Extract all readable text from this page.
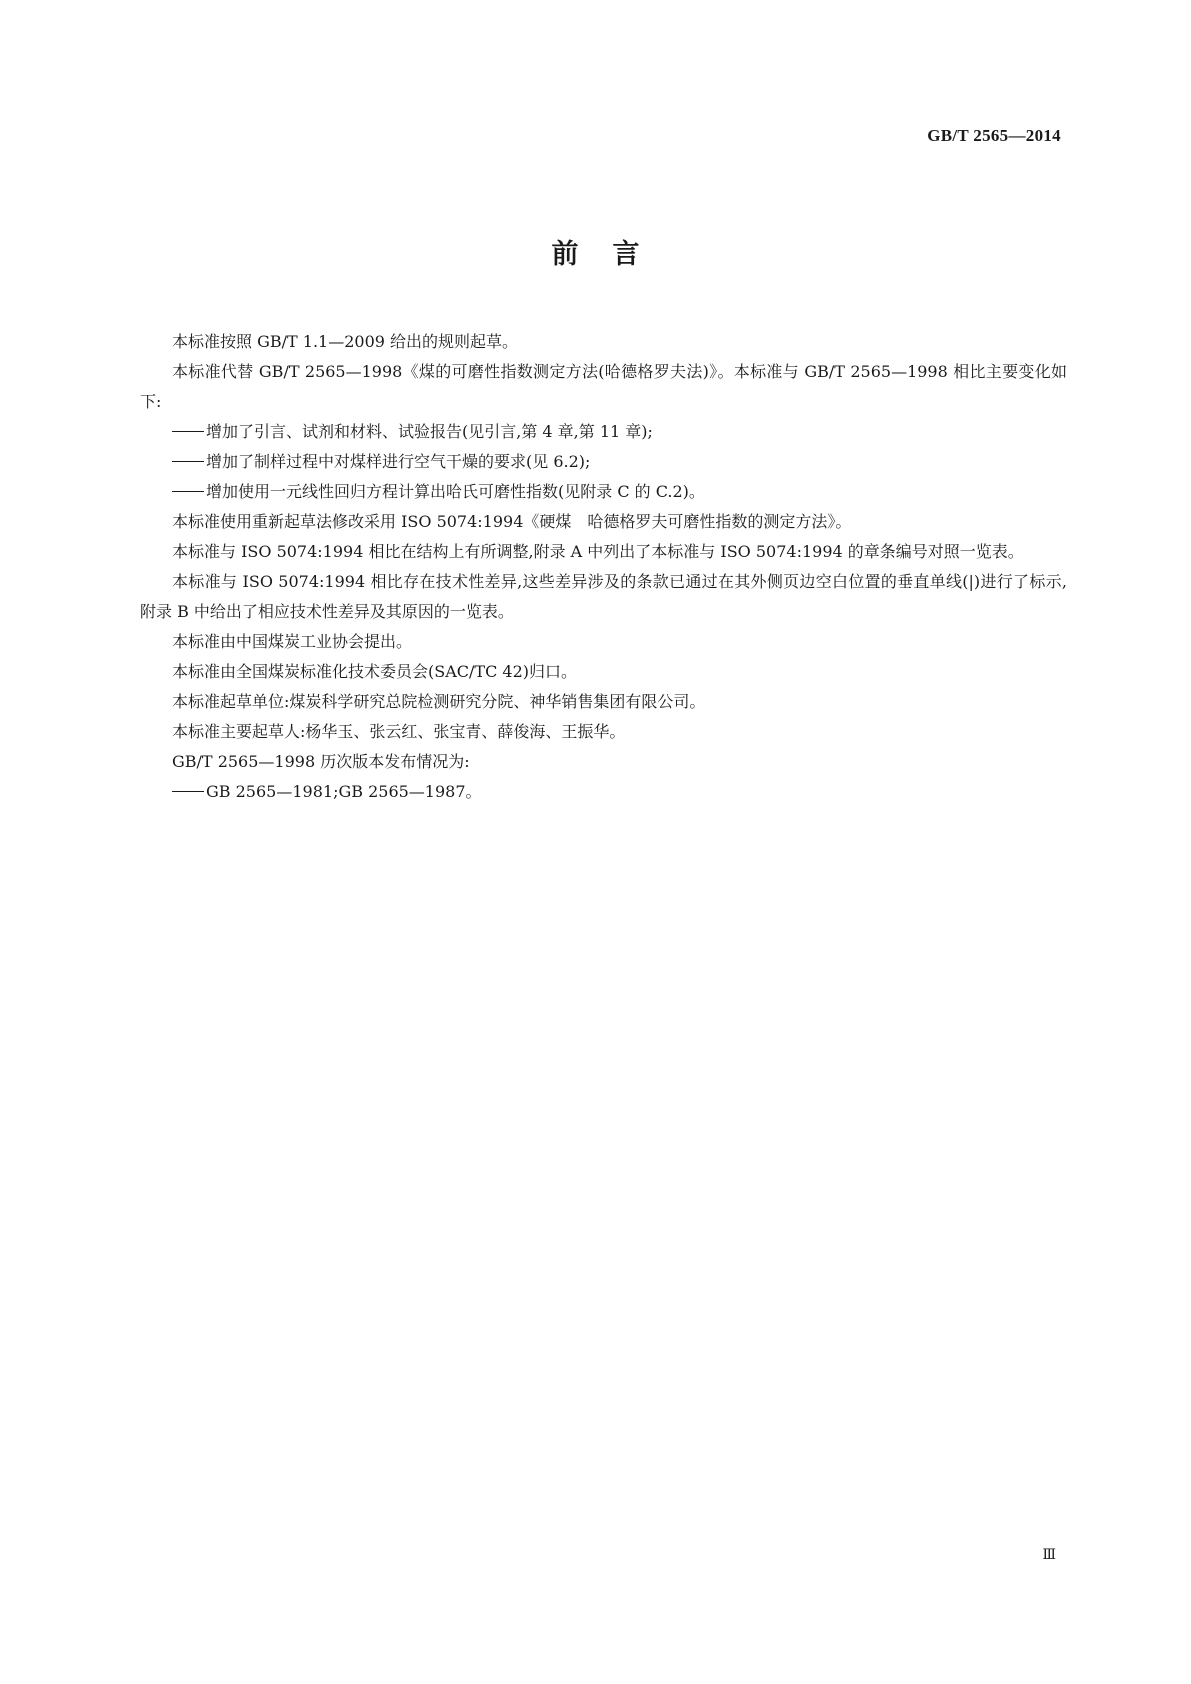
GB/T 2565—2014
前言

本标准按照 GB/T 1.1—2009 给出的规则起草。

本标准代替 GB/T 2565—1998《煤的可磨性指数测定方法(哈德格罗夫法)》。本标准与 GB/T 2565—1998 相比主要变化如下:

增加了引言、试剂和材料、试验报告(见引言,第 4 章,第 11 章);

增加了制样过程中对煤样进行空气干燥的要求(见 6.2);

增加使用一元线性回归方程计算出哈氏可磨性指数(见附录 C 的 C.2)。

本标准使用重新起草法修改采用 ISO 5074:1994《硬煤　哈德格罗夫可磨性指数的测定方法》。

本标准与 ISO 5074:1994 相比在结构上有所调整,附录 A 中列出了本标准与 ISO 5074:1994 的章条编号对照一览表。

本标准与 ISO 5074:1994 相比存在技术性差异,这些差异涉及的条款已通过在其外侧页边空白位置的垂直单线(|)进行了标示,附录 B 中给出了相应技术性差异及其原因的一览表。

本标准由中国煤炭工业协会提出。

本标准由全国煤炭标准化技术委员会(SAC/TC 42)归口。

本标准起草单位:煤炭科学研究总院检测研究分院、神华销售集团有限公司。

本标准主要起草人:杨华玉、张云红、张宝青、薛俊海、王振华。

GB/T 2565—1998 历次版本发布情况为:

GB 2565—1981;GB 2565—1987。

Ⅲ
